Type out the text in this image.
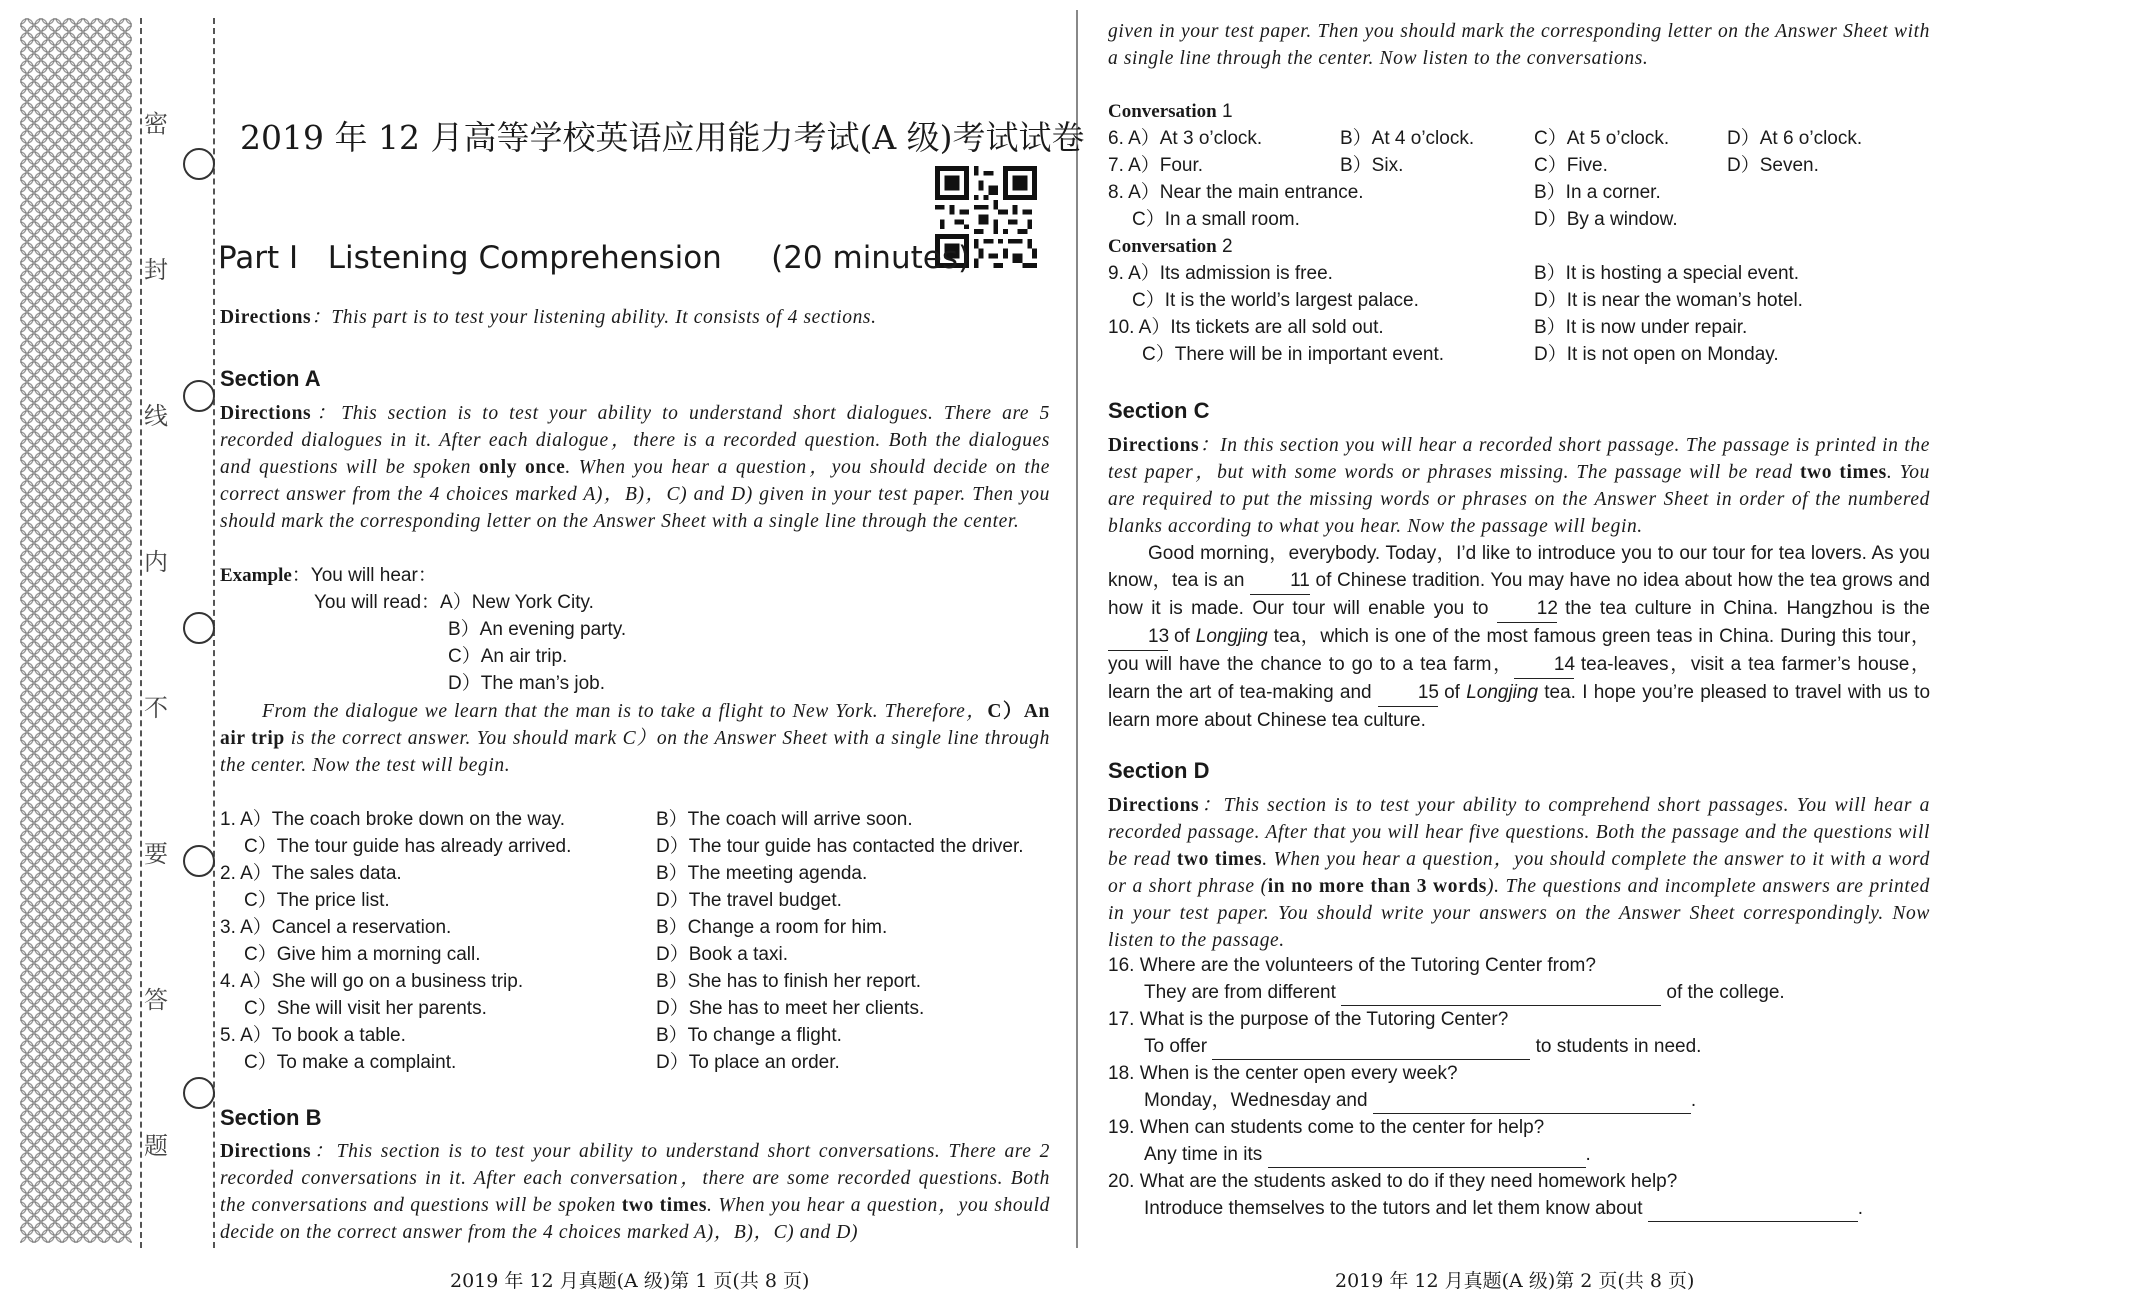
密
封
线
内
不
要
答
题
2019 年 12 月高等学校英语应用能力考试(A 级)考试试卷
Part Ⅰ   Listening Comprehension     (20 minutes)
Directions：This part is to test your listening ability. It consists of 4 sections.
Section A
Directions：This section is to test your ability to understand short dialogues. There are 5 recorded dialogues in it. After each dialogue，there is a recorded question. Both the dialogues and questions will be spoken only once. When you hear a question，you should decide on the correct answer from the 4 choices marked A)，B)，C) and D) given in your test paper. Then you should mark the corresponding letter on the Answer Sheet with a single line through the center.
Example：You will hear：
You will read：A）New York City.
B）An evening party.
C）An air trip.
D）The man’s job.
From the dialogue we learn that the man is to take a flight to New York. Therefore，C）An air trip is the correct answer. You should mark C）on the Answer Sheet with a single line through the center. Now the test will begin.
1. A）The coach broke down on the way.	B）The coach will arrive soon.
C）The tour guide has already arrived.	D）The tour guide has contacted the driver.
2. A）The sales data.	B）The meeting agenda.
C）The price list.	D）The travel budget.
3. A）Cancel a reservation.	B）Change a room for him.
C）Give him a morning call.	D）Book a taxi.
4. A）She will go on a business trip.	B）She has to finish her report.
C）She will visit her parents.	D）She has to meet her clients.
5. A）To book a table.	B）To change a flight.
C）To make a complaint.	D）To place an order.
Section B
Directions：This section is to test your ability to understand short conversations. There are 2 recorded conversations in it. After each conversation，there are some recorded questions. Both the conversations and questions will be spoken two times. When you hear a question，you should decide on the correct answer from the 4 choices marked A)，B)，C) and D)
2019 年 12 月真题(A 级)第 1 页(共 8 页)
given in your test paper. Then you should mark the corresponding letter on the Answer Sheet with a single line through the center. Now listen to the conversations.
Conversation 1
6. A）At 3 o’clock.	B）At 4 o’clock.	C）At 5 o’clock.	D）At 6 o’clock.
7. A）Four.	B）Six.	C）Five.	D）Seven.
8. A）Near the main entrance.	B）In a corner.
C）In a small room.	D）By a window.
Conversation 2
9. A）Its admission is free.	B）It is hosting a special event.
C）It is the world’s largest palace.	D）It is near the woman’s hotel.
10. A）Its tickets are all sold out.	B）It is now under repair.
C）There will be in important event.	D）It is not open on Monday.
Section C
Directions：In this section you will hear a recorded short passage. The passage is printed in the test paper，but with some words or phrases missing. The passage will be read two times. You are required to put the missing words or phrases on the Answer Sheet in order of the numbered blanks according to what you hear. Now the passage will begin.
Good morning，everybody. Today，I’d like to introduce you to our tour for tea lovers. As you know，tea is an 11 of Chinese tradition. You may have no idea about how the tea grows and how it is made. Our tour will enable you to 12 the tea culture in China. Hangzhou is the 13 of Longjing tea，which is one of the most famous green teas in China. During this tour，you will have the chance to go to a tea farm， 14 tea-leaves，visit a tea farmer’s house，learn the art of tea-making and 15 of Longjing tea. I hope you’re pleased to travel with us to learn more about Chinese tea culture.
Section D
Directions：This section is to test your ability to comprehend short passages. You will hear a recorded passage. After that you will hear five questions. Both the passage and the questions will be read two times. When you hear a question，you should complete the answer to it with a word or a short phrase (in no more than 3 words). The questions and incomplete answers are printed in your test paper. You should write your answers on the Answer Sheet correspondingly. Now listen to the passage.
16. Where are the volunteers of the Tutoring Center from?
They are from different	of the college.
17. What is the purpose of the Tutoring Center?
To offer	to students in need.
18. When is the center open every week?
Monday，Wednesday and	.
19. When can students come to the center for help?
Any time in its	.
20. What are the students asked to do if they need homework help?
Introduce themselves to the tutors and let them know about	.
2019 年 12 月真题(A 级)第 2 页(共 8 页)
